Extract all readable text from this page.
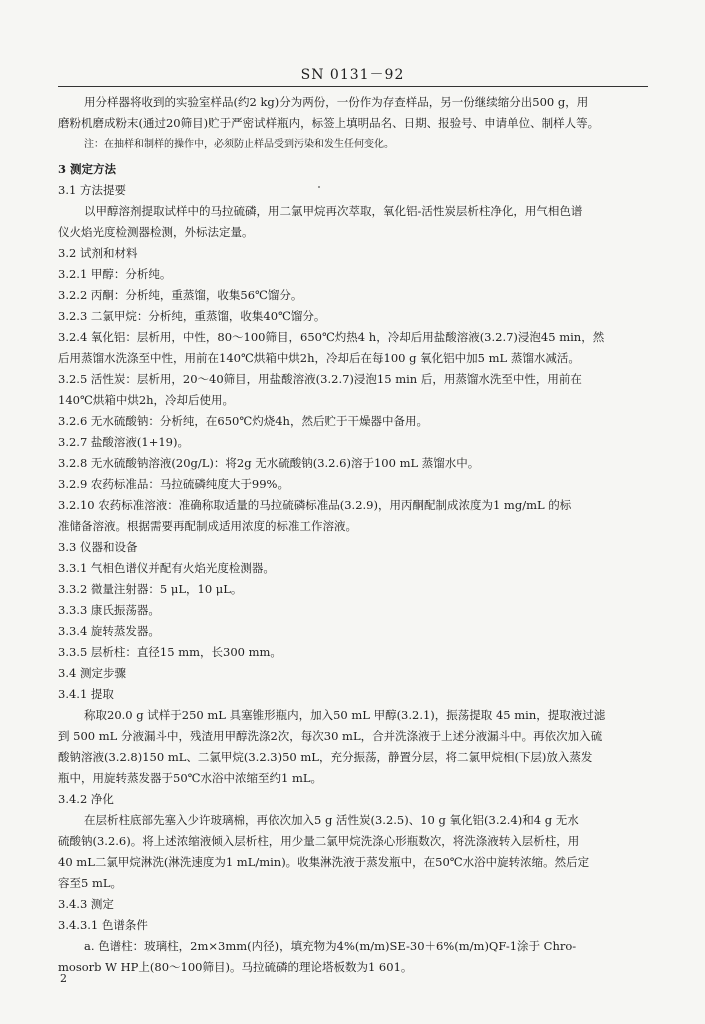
SN 0131－92
用分样器将收到的实验室样品(约2 kg)分为两份，一份作为存查样品，另一份继续缩分出500 g，用
磨粉机磨成粉末(通过20筛目)贮于严密试样瓶内，标签上填明品名、日期、报验号、申请单位、制样人等。
注：在抽样和制样的操作中，必须防止样品受到污染和发生任何变化。
3 测定方法
3.1 方法提要
以甲醇溶剂提取试样中的马拉硫磷，用二氯甲烷再次萃取，氧化铝-活性炭层析柱净化，用气相色谱
仪火焰光度检测器检测，外标法定量。
3.2 试剂和材料
3.2.1 甲醇：分析纯。
3.2.2 丙酮：分析纯，重蒸馏，收集56℃馏分。
3.2.3 二氯甲烷：分析纯，重蒸馏，收集40℃馏分。
3.2.4 氧化铝：层析用，中性，80～100筛目，650℃灼热4 h，冷却后用盐酸溶液(3.2.7)浸泡45 min，然
后用蒸馏水洗涤至中性，用前在140℃烘箱中烘2h，冷却后在每100 g 氧化铝中加5 mL 蒸馏水减活。
3.2.5 活性炭：层析用，20～40筛目，用盐酸溶液(3.2.7)浸泡15 min 后，用蒸馏水洗至中性，用前在
140℃烘箱中烘2h，冷却后使用。
3.2.6 无水硫酸钠：分析纯，在650℃灼烧4h，然后贮于干燥器中备用。
3.2.7 盐酸溶液(1+19)。
3.2.8 无水硫酸钠溶液(20g/L)：将2g 无水硫酸钠(3.2.6)溶于100 mL 蒸馏水中。
3.2.9 农药标准品：马拉硫磷纯度大于99%。
3.2.10 农药标准溶液：准确称取适量的马拉硫磷标准品(3.2.9)，用丙酮配制成浓度为1 mg/mL 的标
准储备溶液。根据需要再配制成适用浓度的标准工作溶液。
3.3 仪器和设备
3.3.1 气相色谱仪并配有火焰光度检测器。
3.3.2 微量注射器：5 μL，10 μL。
3.3.3 康氏振荡器。
3.3.4 旋转蒸发器。
3.3.5 层析柱：直径15 mm，长300 mm。
3.4 测定步骤
3.4.1 提取
称取20.0 g 试样于250 mL 具塞锥形瓶内，加入50 mL 甲醇(3.2.1)，振荡提取 45 min，提取液过滤
到 500 mL 分液漏斗中，残渣用甲醇洗涤2次，每次30 mL，合并洗涤液于上述分液漏斗中。再依次加入硫
酸钠溶液(3.2.8)150 mL、二氯甲烷(3.2.3)50 mL，充分振荡，静置分层，将二氯甲烷相(下层)放入蒸发
瓶中，用旋转蒸发器于50℃水浴中浓缩至约1 mL。
3.4.2 净化
在层析柱底部先塞入少许玻璃棉，再依次加入5 g 活性炭(3.2.5)、10 g 氧化铝(3.2.4)和4 g 无水
硫酸钠(3.2.6)。将上述浓缩液倾入层析柱，用少量二氯甲烷洗涤心形瓶数次，将洗涤液转入层析柱，用
40 mL二氯甲烷淋洗(淋洗速度为1 mL/min)。收集淋洗液于蒸发瓶中，在50℃水浴中旋转浓缩。然后定
容至5 mL。
3.4.3 测定
3.4.3.1 色谱条件
a. 色谱柱：玻璃柱，2m×3mm(内径)，填充物为4%(m/m)SE-30＋6%(m/m)QF-1涂于 Chro-
mosorb W HP上(80～100筛目)。马拉硫磷的理论塔板数为1 601。
2
